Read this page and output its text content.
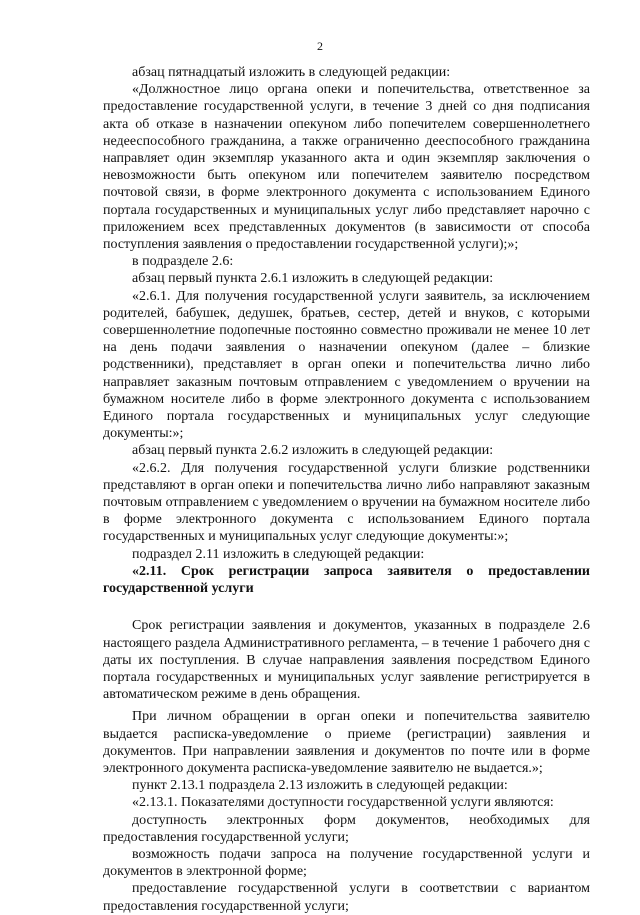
2

абзац пятнадцатый изложить в следующей редакции:

«Должностное лицо органа опеки и попечительства, ответственное за предоставление государственной услуги, в течение 3 дней со дня подписания акта об отказе в назначении опекуном либо попечителем совершеннолетнего недееспособного гражданина, а также ограниченно дееспособного гражданина направляет один экземпляр указанного акта и один экземпляр заключения о невозможности быть опекуном или попечителем заявителю посредством почтовой связи, в форме электронного документа с использованием Единого портала государственных и муниципальных услуг либо представляет нарочно с приложением всех представленных документов (в зависимости от способа поступления заявления о предоставлении государственной услуги);»;

в подразделе 2.6:

абзац первый пункта 2.6.1 изложить в следующей редакции:

«2.6.1. Для получения государственной услуги заявитель, за исключением родителей, бабушек, дедушек, братьев, сестер, детей и внуков, с которыми совершеннолетние подопечные постоянно совместно проживали не менее 10 лет на день подачи заявления о назначении опекуном (далее – близкие родственники), представляет в орган опеки и попечительства лично либо направляет заказным почтовым отправлением с уведомлением о вручении на бумажном носителе либо в форме электронного документа с использованием Единого портала государственных и муниципальных услуг следующие документы:»;

абзац первый пункта 2.6.2 изложить в следующей редакции:

«2.6.2. Для получения государственной услуги близкие родственники представляют в орган опеки и попечительства лично либо направляют заказным почтовым отправлением с уведомлением о вручении на бумажном носителе либо в форме электронного документа с использованием Единого портала государственных и муниципальных услуг следующие документы:»;

подраздел 2.11 изложить в следующей редакции:

«2.11. Срок регистрации запроса заявителя о предоставлении государственной услуги

Срок регистрации заявления и документов, указанных в подразделе 2.6 настоящего раздела Административного регламента, – в течение 1 рабочего дня с даты их поступления. В случае направления заявления посредством Единого портала государственных и муниципальных услуг заявление регистрируется в автоматическом режиме в день обращения.

При личном обращении в орган опеки и попечительства заявителю выдается расписка-уведомление о приеме (регистрации) заявления и документов. При направлении заявления и документов по почте или в форме электронного документа расписка-уведомление заявителю не выдается.»;

пункт 2.13.1 подраздела 2.13 изложить в следующей редакции:

«2.13.1. Показателями доступности государственной услуги являются:

доступность электронных форм документов, необходимых для предоставления государственной услуги;

возможность подачи запроса на получение государственной услуги и документов в электронной форме;

предоставление государственной услуги в соответствии с вариантом предоставления государственной услуги;
